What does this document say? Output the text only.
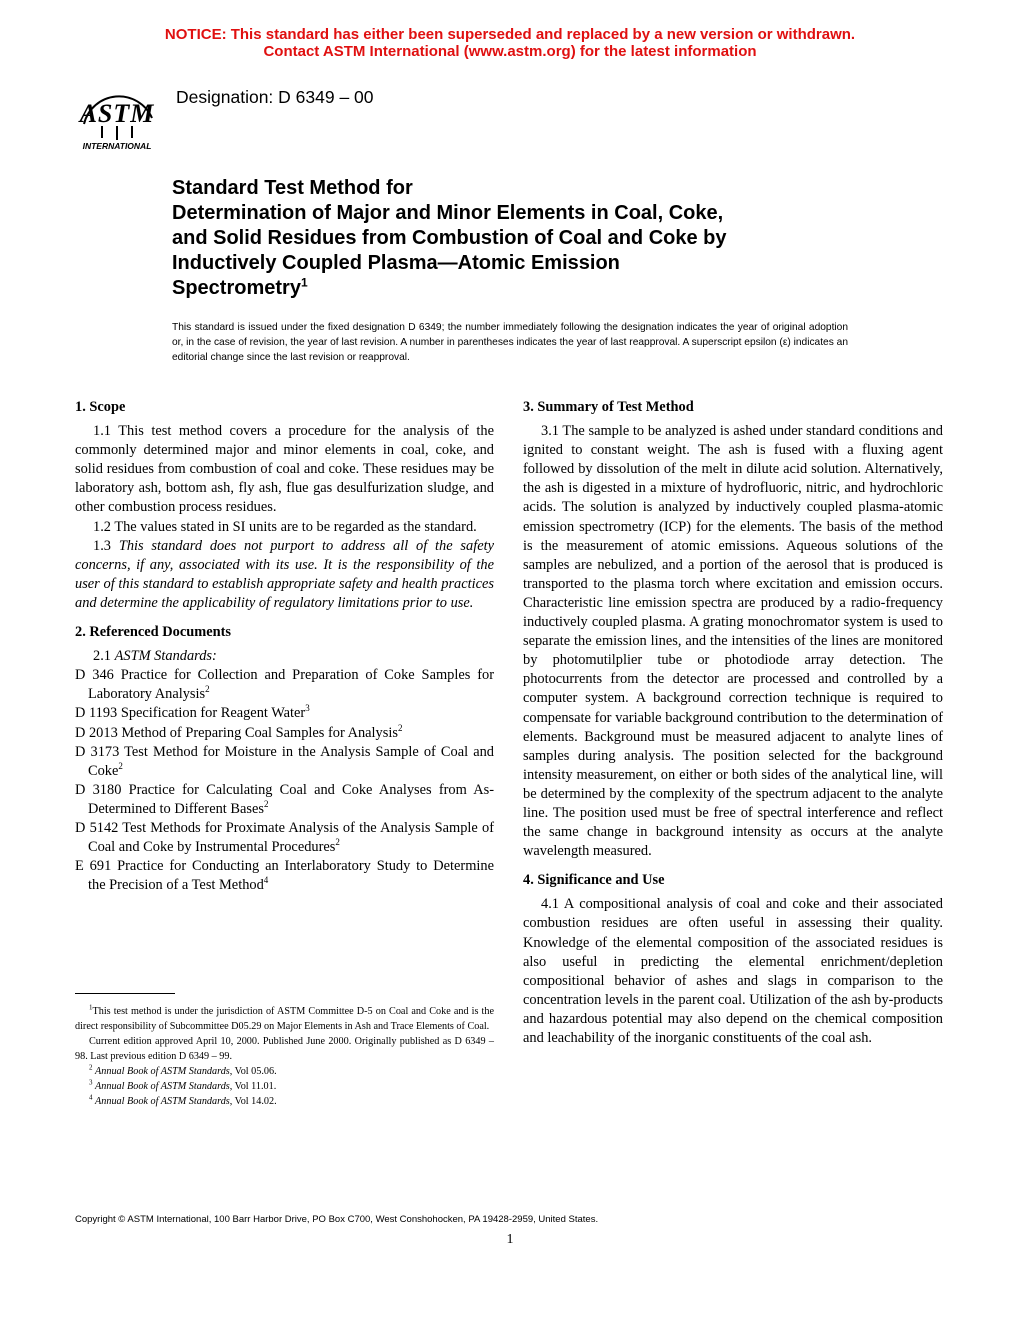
NOTICE: This standard has either been superseded and replaced by a new version or withdrawn.
Contact ASTM International (www.astm.org) for the latest information
ASTM
INTERNATIONAL
Designation: D 6349 – 00
Standard Test Method for
Determination of Major and Minor Elements in Coal, Coke,
and Solid Residues from Combustion of Coal and Coke by
Inductively Coupled Plasma—Atomic Emission
Spectrometry$^1$
This standard is issued under the fixed designation D 6349; the number immediately following the designation indicates the year of original adoption or, in the case of revision, the year of last revision. A number in parentheses indicates the year of last reapproval. A superscript epsilon (ε) indicates an editorial change since the last revision or reapproval.
1. Scope

1.1 This test method covers a procedure for the analysis of the commonly determined major and minor elements in coal, coke, and solid residues from combustion of coal and coke. These residues may be laboratory ash, bottom ash, fly ash, flue gas desulfurization sludge, and other combustion process residues.

1.2 The values stated in SI units are to be regarded as the standard.

1.3 This standard does not purport to address all of the safety concerns, if any, associated with its use. It is the responsibility of the user of this standard to establish appropriate safety and health practices and determine the applicability of regulatory limitations prior to use.

2. Referenced Documents

2.1 ASTM Standards:

D 346 Practice for Collection and Preparation of Coke Samples for Laboratory Analysis$^2$

D 1193 Specification for Reagent Water$^3$

D 2013 Method of Preparing Coal Samples for Analysis$^2$

D 3173 Test Method for Moisture in the Analysis Sample of Coal and Coke$^2$

D 3180 Practice for Calculating Coal and Coke Analyses from As-Determined to Different Bases$^2$

D 5142 Test Methods for Proximate Analysis of the Analysis Sample of Coal and Coke by Instrumental Procedures$^2$

E 691 Practice for Conducting an Interlaboratory Study to Determine the Precision of a Test Method$^4$

3. Summary of Test Method

3.1 The sample to be analyzed is ashed under standard conditions and ignited to constant weight. The ash is fused with a fluxing agent followed by dissolution of the melt in dilute acid solution. Alternatively, the ash is digested in a mixture of hydrofluoric, nitric, and hydrochloric acids. The solution is analyzed by inductively coupled plasma-atomic emission spectrometry (ICP) for the elements. The basis of the method is the measurement of atomic emissions. Aqueous solutions of the samples are nebulized, and a portion of the aerosol that is produced is transported to the plasma torch where excitation and emission occurs. Characteristic line emission spectra are produced by a radio-frequency inductively coupled plasma. A grating monochromator system is used to separate the emission lines, and the intensities of the lines are monitored by photomutilplier tube or photodiode array detection. The photocurrents from the detector are processed and controlled by a computer system. A background correction technique is required to compensate for variable background contribution to the determination of elements. Background must be measured adjacent to analyte lines of samples during analysis. The position selected for the background intensity measurement, on either or both sides of the analytical line, will be determined by the complexity of the spectrum adjacent to the analyte line. The position used must be free of spectral interference and reflect the same change in background intensity as occurs at the analyte wavelength measured.

4. Significance and Use

4.1 A compositional analysis of coal and coke and their associated combustion residues are often useful in assessing their quality. Knowledge of the elemental composition of the associated residues is also useful in predicting the elemental enrichment/depletion compositional behavior of ashes and slags in comparison to the concentration levels in the parent coal. Utilization of the ash by-products and hazardous potential may also depend on the chemical composition and leachability of the inorganic constituents of the coal ash.

$^1$This test method is under the jurisdiction of ASTM Committee D-5 on Coal and Coke and is the direct responsibility of Subcommittee D05.29 on Major Elements in Ash and Trace Elements of Coal.

Current edition approved April 10, 2000. Published June 2000. Originally published as D 6349 – 98. Last previous edition D 6349 – 99.

$^2$ Annual Book of ASTM Standards, Vol 05.06.

$^3$ Annual Book of ASTM Standards, Vol 11.01.

$^4$ Annual Book of ASTM Standards, Vol 14.02.

Copyright © ASTM International, 100 Barr Harbor Drive, PO Box C700, West Conshohocken, PA 19428-2959, United States.
1
